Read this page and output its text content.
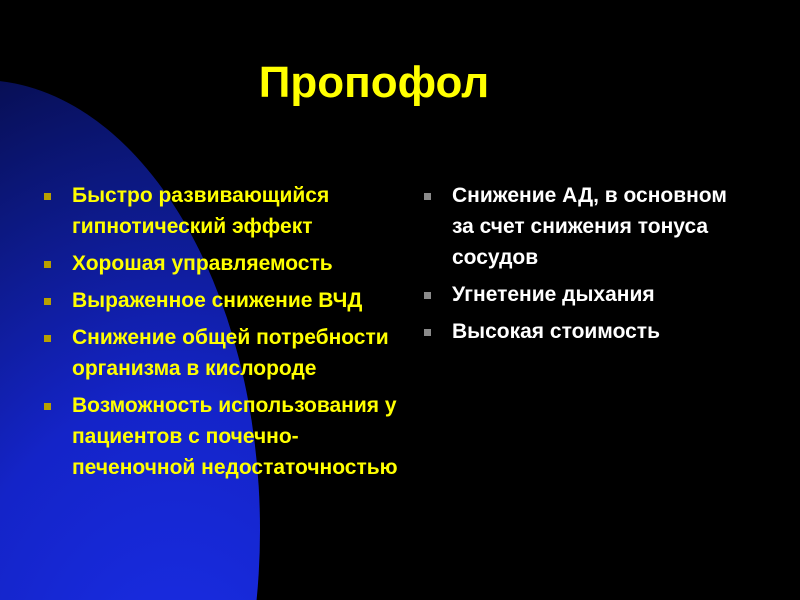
Пропофол
Быстро развивающийся гипнотический эффект
Хорошая управляемость
Выраженное снижение ВЧД
Снижение общей потребности организма в кислороде
Возможность использования у пациентов с почечно-печеночной недостаточностью
Снижение АД, в основном за счет снижения тонуса сосудов
Угнетение дыхания
Высокая стоимость
